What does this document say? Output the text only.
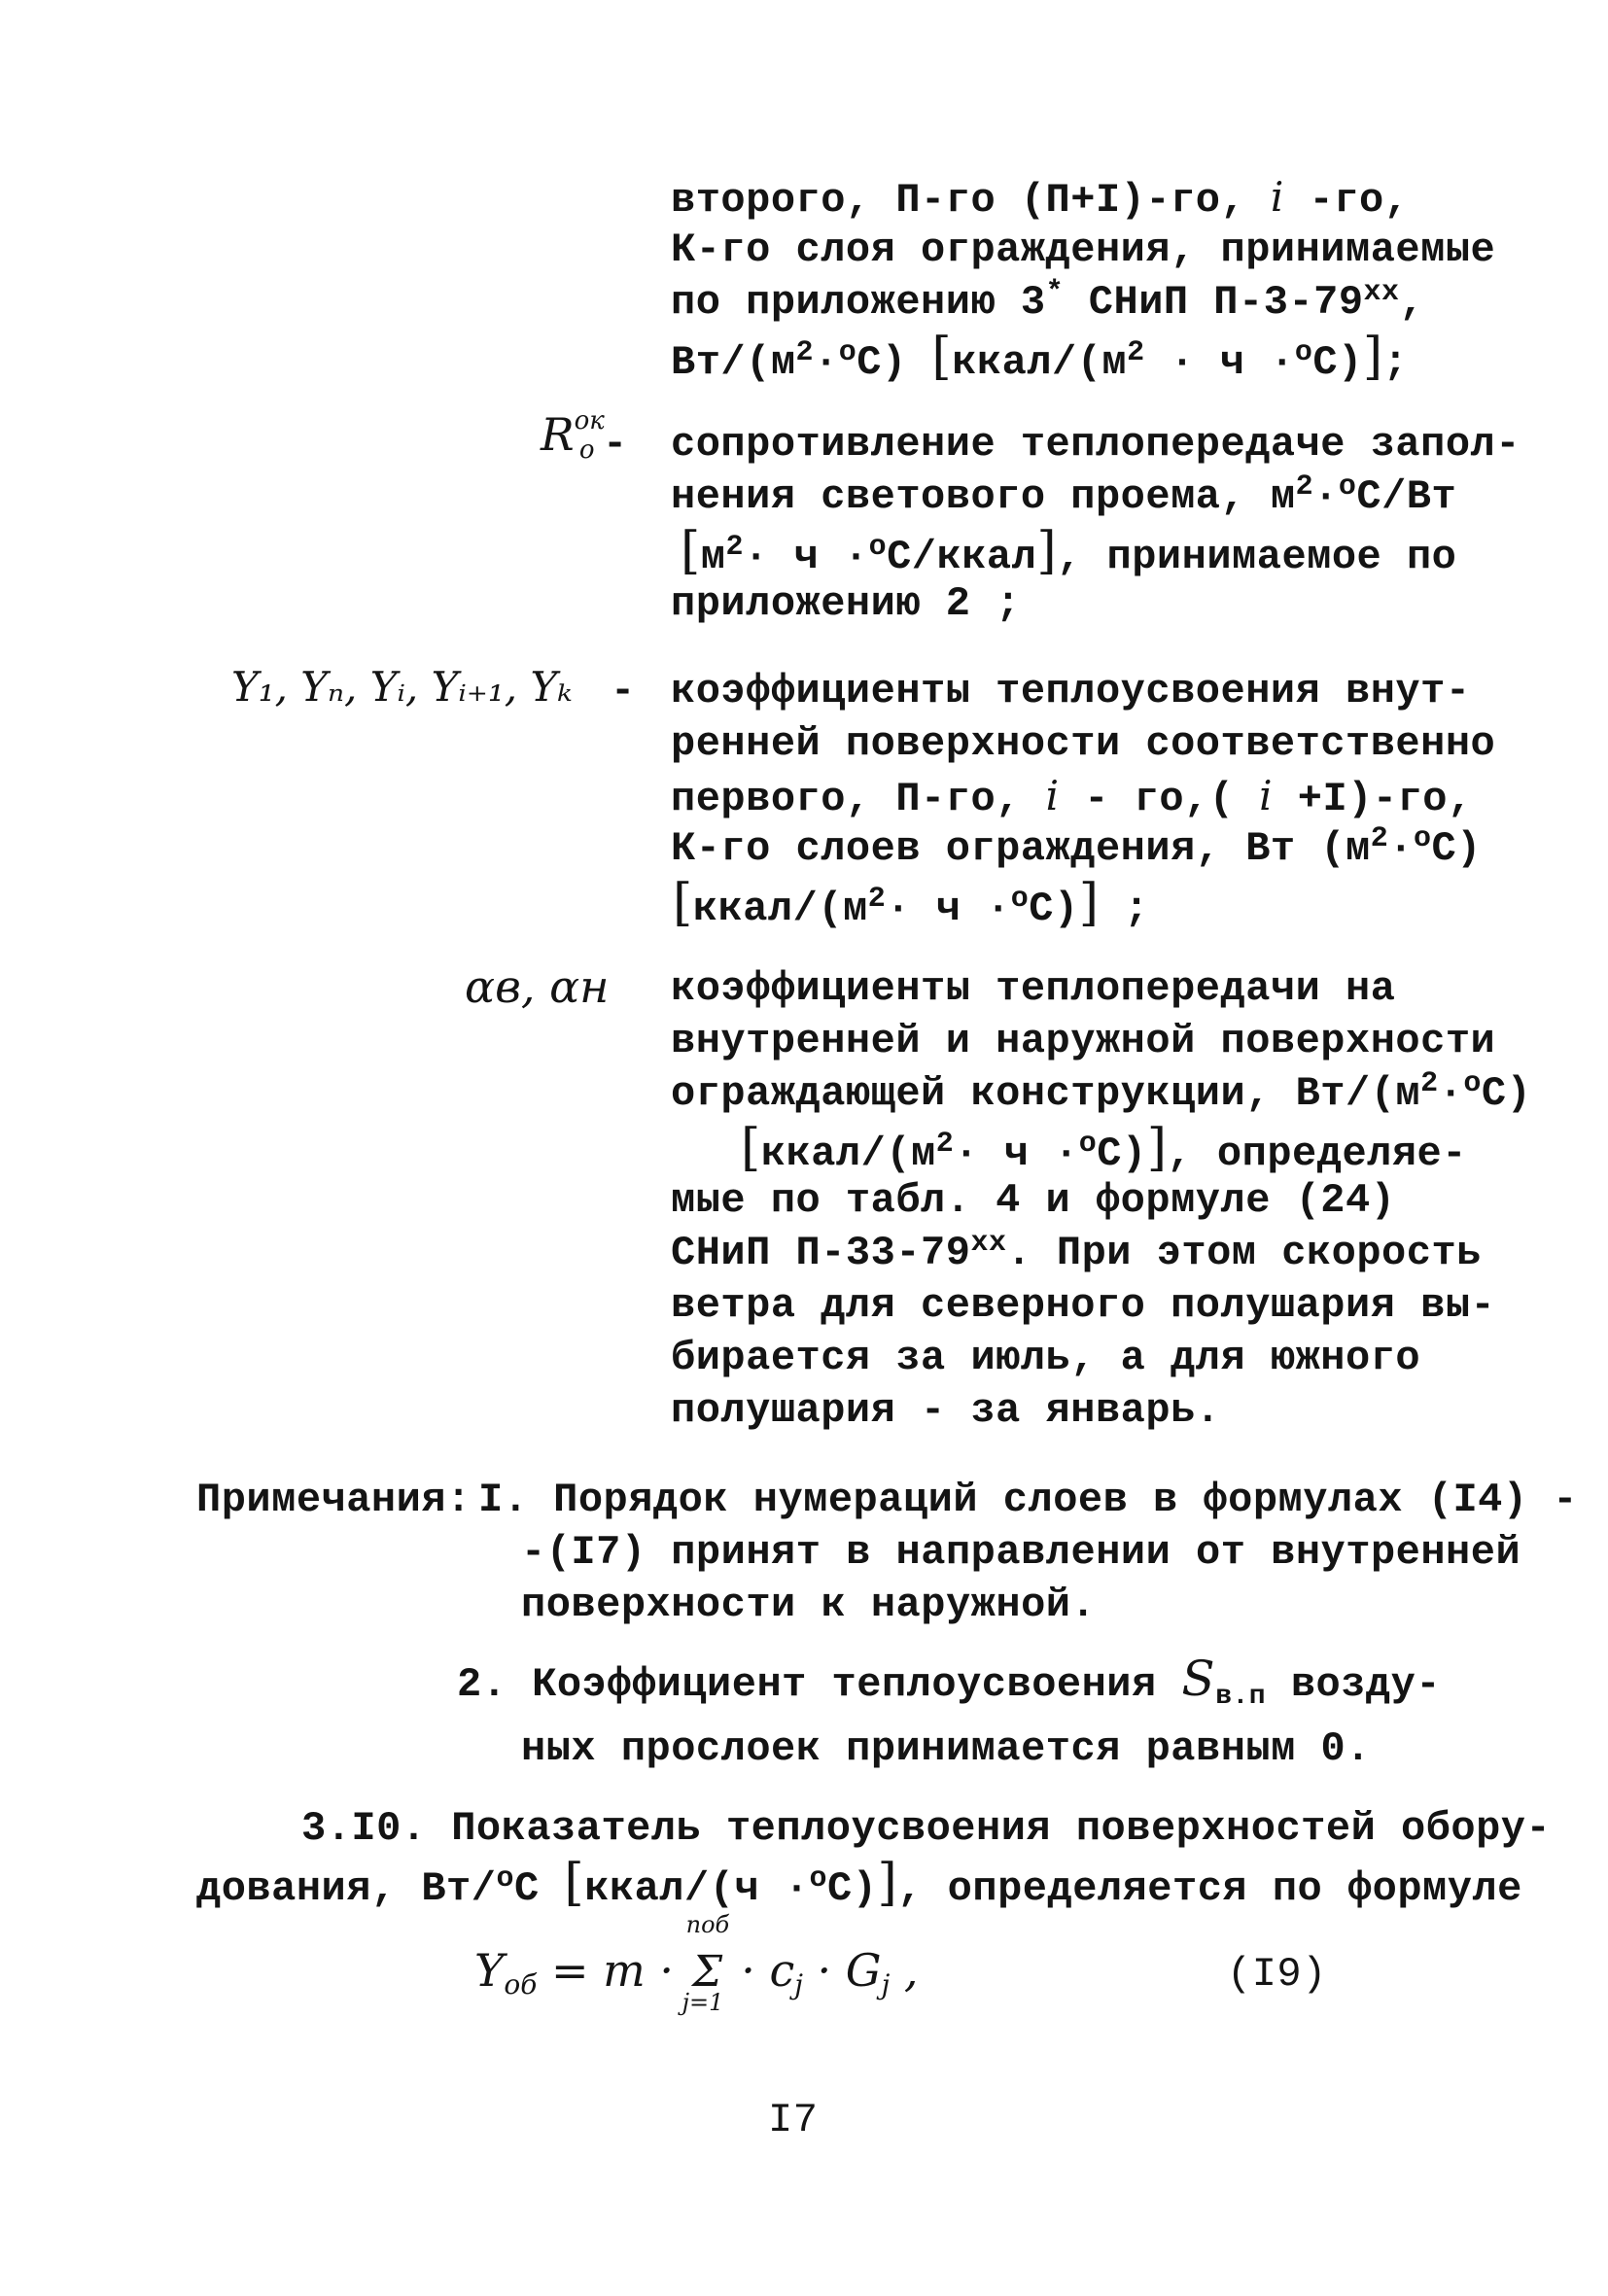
второго, П-го (П+I)-го, i -го,
К-го слоя ограждения, принимаемые
по приложению 3* СНиП П-3-79$^{xx}$,
$Вт/(м^2\cdot^oC)$ $[ккал/(м^2 \cdot ч \cdot^oC)]$;
$R^{ок}_о$ - сопротивление теплопередаче запол-
нения светового проема, $м^2\cdot^oC/Вт$
[$м^2\cdot ч$ ·$^o$C/ккал], принимаемое по
приложению 2 ;
Y₁, Yₙ, Yᵢ, Yᵢ₊₁, Yₖ - коэффициенты теплоусвоения внут-
ренней поверхности соответственно
первого, П-го, i - го,( i +I)-го,
К-го слоев ограждения, Вт $(м^2\cdot^oC)$
$[ккал/(м^2\cdot ч \cdot^oC)]$ ;
αв, αн коэффициенты теплопередачи на
внутренней и наружной поверхности
ограждающей конструкции, $Вт/(м^2\cdot^oC)$
$[ккал/(м^2\cdot ч \cdot^oC)]$, определяе-
мые по табл. 4 и формуле (24)
СНиП П-33-79$^{xx}$. При этом скорость
ветра для северного полушария вы-
бирается за июль, а для южного
полушария - за январь.
Примечания: I. Порядок нумераций слоев в формулах (I4) -
-(I7) принят в направлении от внутренней
поверхности к наружной.
2. Коэффициент теплоусвоения $S_{в.п}$ возду-
ных прослоек принимается равным 0.
3.I0. Показатель теплоусвоения поверхностей обору-
дования, Вт/$^o$C [ккал/(ч ·$^o$C)], определяется по формуле
$Y_{об} = m$ ·
nоб
Σ
j=1
· $c_j \cdot G_j$ ,	(I9)
I7
